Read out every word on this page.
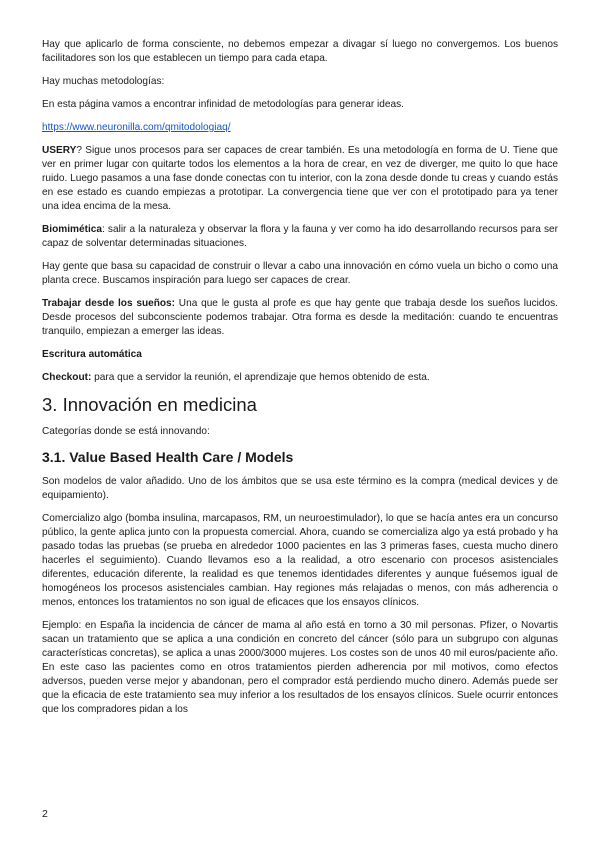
Hay que aplicarlo de forma consciente, no debemos empezar a divagar sí luego no convergemos. Los buenos facilitadores son los que establecen un tiempo para cada etapa.

Hay muchas metodologías:

En esta página vamos a encontrar infinidad de metodologías para generar ideas.

https://www.neuronilla.com/qmitodologiaq/

USERY? Sigue unos procesos para ser capaces de crear también. Es una metodología en forma de U. Tiene que ver en primer lugar con quitarte todos los elementos a la hora de crear, en vez de diverger, me quito lo que hace ruido. Luego pasamos a una fase donde conectas con tu interior, con la zona desde donde tu creas y cuando estás en ese estado es cuando empiezas a prototipar. La convergencia tiene que ver con el prototipado para ya tener una idea encima de la mesa.

Biomimética: salir a la naturaleza y observar la flora y la fauna y ver como ha ido desarrollando recursos para ser capaz de solventar determinadas situaciones.

Hay gente que basa su capacidad de construir o llevar a cabo una innovación en cómo vuela un bicho o como una planta crece. Buscamos inspiración para luego ser capaces de crear.

Trabajar desde los sueños: Una que le gusta al profe es que hay gente que trabaja desde los sueños lucidos. Desde procesos del subconsciente podemos trabajar. Otra forma es desde la meditación: cuando te encuentras tranquilo, empiezan a emerger las ideas.

Escritura automática

Checkout: para que a servidor la reunión, el aprendizaje que hemos obtenido de esta.

3. Innovación en medicina

Categorías donde se está innovando:

3.1. Value Based Health Care / Models

Son modelos de valor añadido. Uno de los ámbitos que se usa este término es la compra (medical devices y de equipamiento).

Comercializo algo (bomba insulina, marcapasos, RM, un neuroestimulador), lo que se hacía antes era un concurso público, la gente aplica junto con la propuesta comercial. Ahora, cuando se comercializa algo ya está probado y ha pasado todas las pruebas (se prueba en alrededor 1000 pacientes en las 3 primeras fases, cuesta mucho dinero hacerles el seguimiento). Cuando llevamos eso a la realidad, a otro escenario con procesos asistenciales diferentes, educación diferente, la realidad es que tenemos identidades diferentes y aunque fuésemos igual de homogéneos los procesos asistenciales cambian. Hay regiones más relajadas o menos, con más adherencia o menos, entonces los tratamientos no son igual de eficaces que los ensayos clínicos.

Ejemplo: en España la incidencia de cáncer de mama al año está en torno a 30 mil personas. Pfizer, o Novartis sacan un tratamiento que se aplica a una condición en concreto del cáncer (sólo para un subgrupo con algunas características concretas), se aplica a unas 2000/3000 mujeres. Los costes son de unos 40 mil euros/paciente año. En este caso las pacientes como en otros tratamientos pierden adherencia por mil motivos, como efectos adversos, pueden verse mejor y abandonan, pero el comprador está perdiendo mucho dinero. Además puede ser que la eficacia de este tratamiento sea muy inferior a los resultados de los ensayos clínicos. Suele ocurrir entonces que los compradores pidan a los

2
